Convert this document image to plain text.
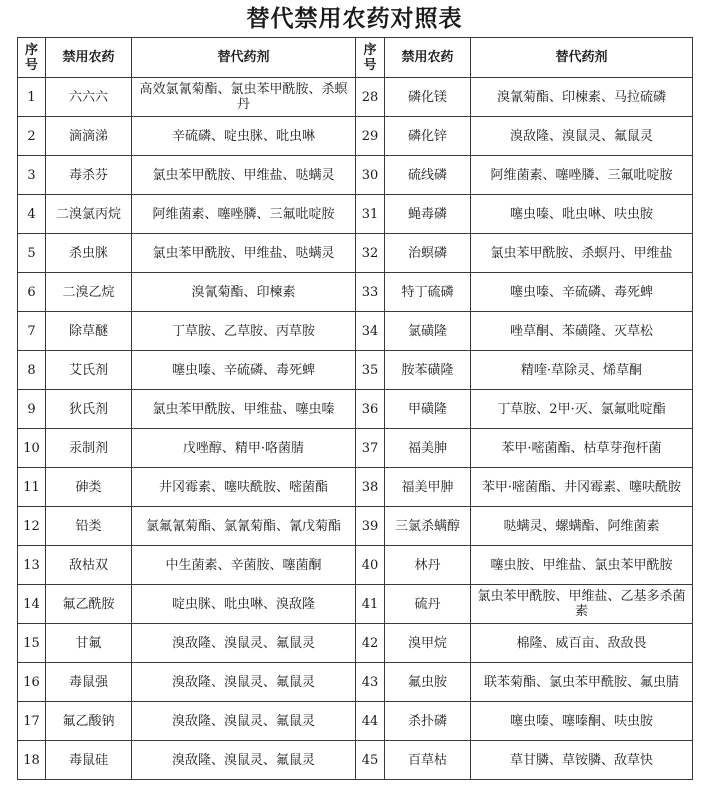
替代禁用农药对照表
序号	禁用农药	替代药剂	序号	禁用农药	替代药剂
1	六六六	高效氯氰菊酯、氯虫苯甲酰胺、杀螟丹	28	磷化镁	溴氰菊酯、印楝素、马拉硫磷
2	滴滴涕	辛硫磷、啶虫脒、吡虫啉	29	磷化锌	溴敌隆、溴鼠灵、氟鼠灵
3	毒杀芬	氯虫苯甲酰胺、甲维盐、哒螨灵	30	硫线磷	阿维菌素、噻唑膦、三氟吡啶胺
4	二溴氯丙烷	阿维菌素、噻唑膦、三氟吡啶胺	31	蝇毒磷	噻虫嗪、吡虫啉、呋虫胺
5	杀虫脒	氯虫苯甲酰胺、甲维盐、哒螨灵	32	治螟磷	氯虫苯甲酰胺、杀螟丹、甲维盐
6	二溴乙烷	溴氰菊酯、印楝素	33	特丁硫磷	噻虫嗪、辛硫磷、毒死蜱
7	除草醚	丁草胺、乙草胺、丙草胺	34	氯磺隆	唑草酮、苯磺隆、灭草松
8	艾氏剂	噻虫嗪、辛硫磷、毒死蜱	35	胺苯磺隆	精喹·草除灵、烯草酮
9	狄氏剂	氯虫苯甲酰胺、甲维盐、噻虫嗪	36	甲磺隆	丁草胺、2甲·灭、氯氟吡啶酯
10	汞制剂	戊唑醇、精甲·咯菌腈	37	福美胂	苯甲·嘧菌酯、枯草芽孢杆菌
11	砷类	井冈霉素、噻呋酰胺、嘧菌酯	38	福美甲胂	苯甲·嘧菌酯、井冈霉素、噻呋酰胺
12	铅类	氯氟氰菊酯、氯氰菊酯、氰戊菊酯	39	三氯杀螨醇	哒螨灵、螺螨酯、阿维菌素
13	敌枯双	中生菌素、辛菌胺、噻菌酮	40	林丹	噻虫胺、甲维盐、氯虫苯甲酰胺
14	氟乙酰胺	啶虫脒、吡虫啉、溴敌隆	41	硫丹	氯虫苯甲酰胺、甲维盐、乙基多杀菌素
15	甘氟	溴敌隆、溴鼠灵、氟鼠灵	42	溴甲烷	棉隆、威百亩、敌敌畏
16	毒鼠强	溴敌隆、溴鼠灵、氟鼠灵	43	氟虫胺	联苯菊酯、氯虫苯甲酰胺、氟虫腈
17	氟乙酸钠	溴敌隆、溴鼠灵、氟鼠灵	44	杀扑磷	噻虫嗪、噻嗪酮、呋虫胺
18	毒鼠硅	溴敌隆、溴鼠灵、氟鼠灵	45	百草枯	草甘膦、草铵膦、敌草快
